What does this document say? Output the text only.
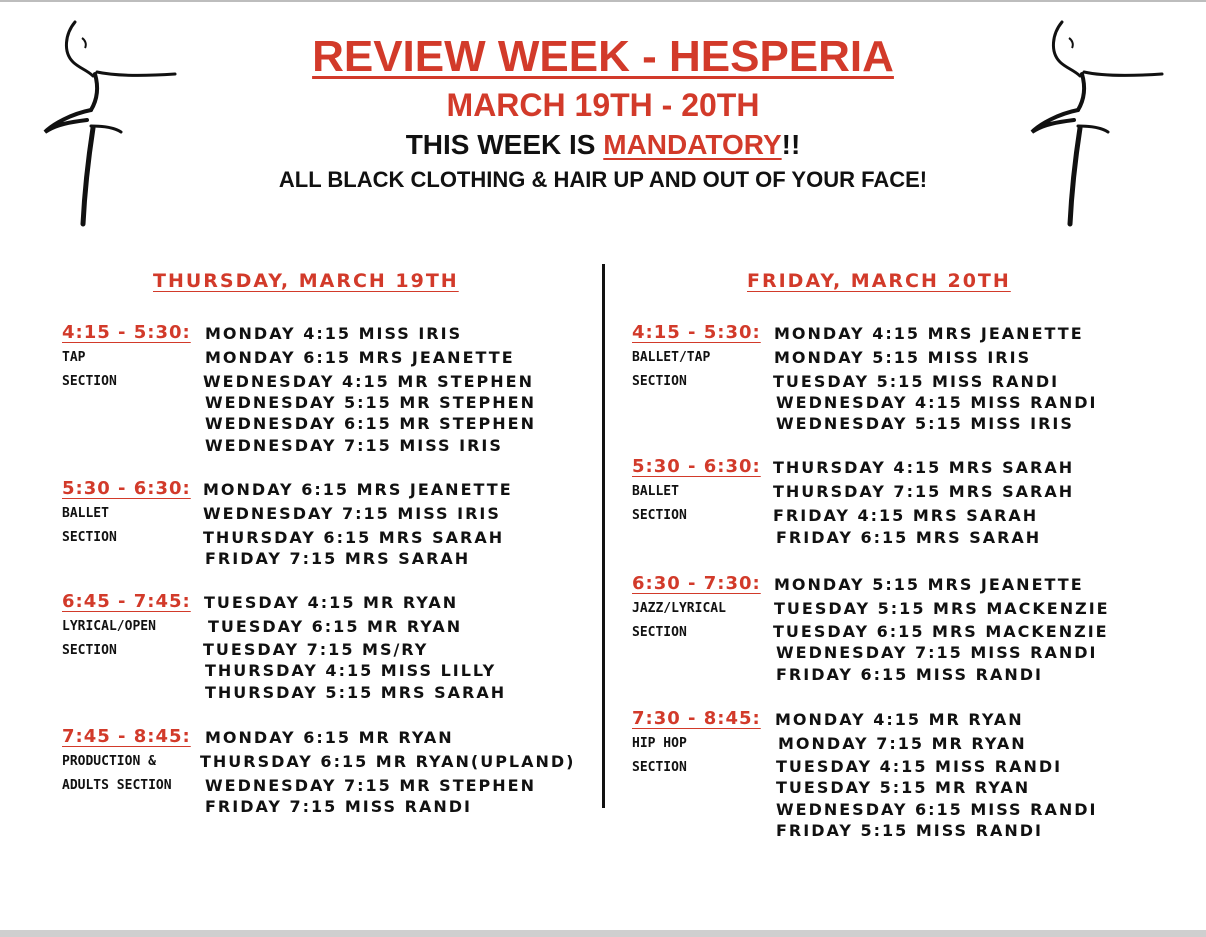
REVIEW WEEK - HESPERIA
MARCH 19TH - 20TH
THIS WEEK IS MANDATORY!!
ALL BLACK CLOTHING & HAIR UP AND OUT OF YOUR FACE!
THURSDAY, MARCH 19TH
4:15 - 5:30:
TAP
SECTION
MONDAY 4:15 MISS IRIS
MONDAY 6:15 MRS JEANETTE
WEDNESDAY 4:15 MR STEPHEN
WEDNESDAY 5:15 MR STEPHEN
WEDNESDAY 6:15 MR STEPHEN
WEDNESDAY 7:15 MISS IRIS
5:30 - 6:30:
BALLET
SECTION
MONDAY 6:15 MRS JEANETTE
WEDNESDAY 7:15 MISS IRIS
THURSDAY 6:15 MRS SARAH
FRIDAY 7:15 MRS SARAH
6:45 - 7:45:
LYRICAL/OPEN
SECTION
TUESDAY 4:15 MR RYAN
TUESDAY 6:15 MR RYAN
TUESDAY 7:15 MS/RY
THURSDAY 4:15 MISS LILLY
THURSDAY 5:15 MRS SARAH
7:45 - 8:45:
PRODUCTION &
ADULTS SECTION
MONDAY 6:15 MR RYAN
THURSDAY 6:15 MR RYAN(UPLAND)
WEDNESDAY 7:15 MR STEPHEN
FRIDAY 7:15 MISS RANDI
FRIDAY, MARCH 20TH
4:15 - 5:30:
BALLET/TAP
SECTION
MONDAY 4:15 MRS JEANETTE
MONDAY 5:15 MISS IRIS
TUESDAY 5:15 MISS RANDI
WEDNESDAY 4:15 MISS RANDI
WEDNESDAY 5:15 MISS IRIS
5:30 - 6:30:
BALLET
SECTION
THURSDAY 4:15 MRS SARAH
THURSDAY 7:15 MRS SARAH
FRIDAY 4:15 MRS SARAH
FRIDAY 6:15 MRS SARAH
6:30 - 7:30:
JAZZ/LYRICAL
SECTION
MONDAY 5:15 MRS JEANETTE
TUESDAY 5:15 MRS MACKENZIE
TUESDAY 6:15 MRS MACKENZIE
WEDNESDAY 7:15 MISS RANDI
FRIDAY 6:15 MISS RANDI
7:30 - 8:45:
HIP HOP
SECTION
MONDAY 4:15 MR RYAN
MONDAY 7:15 MR RYAN
TUESDAY 4:15 MISS RANDI
TUESDAY 5:15 MR RYAN
WEDNESDAY 6:15 MISS RANDI
FRIDAY 5:15 MISS RANDI
